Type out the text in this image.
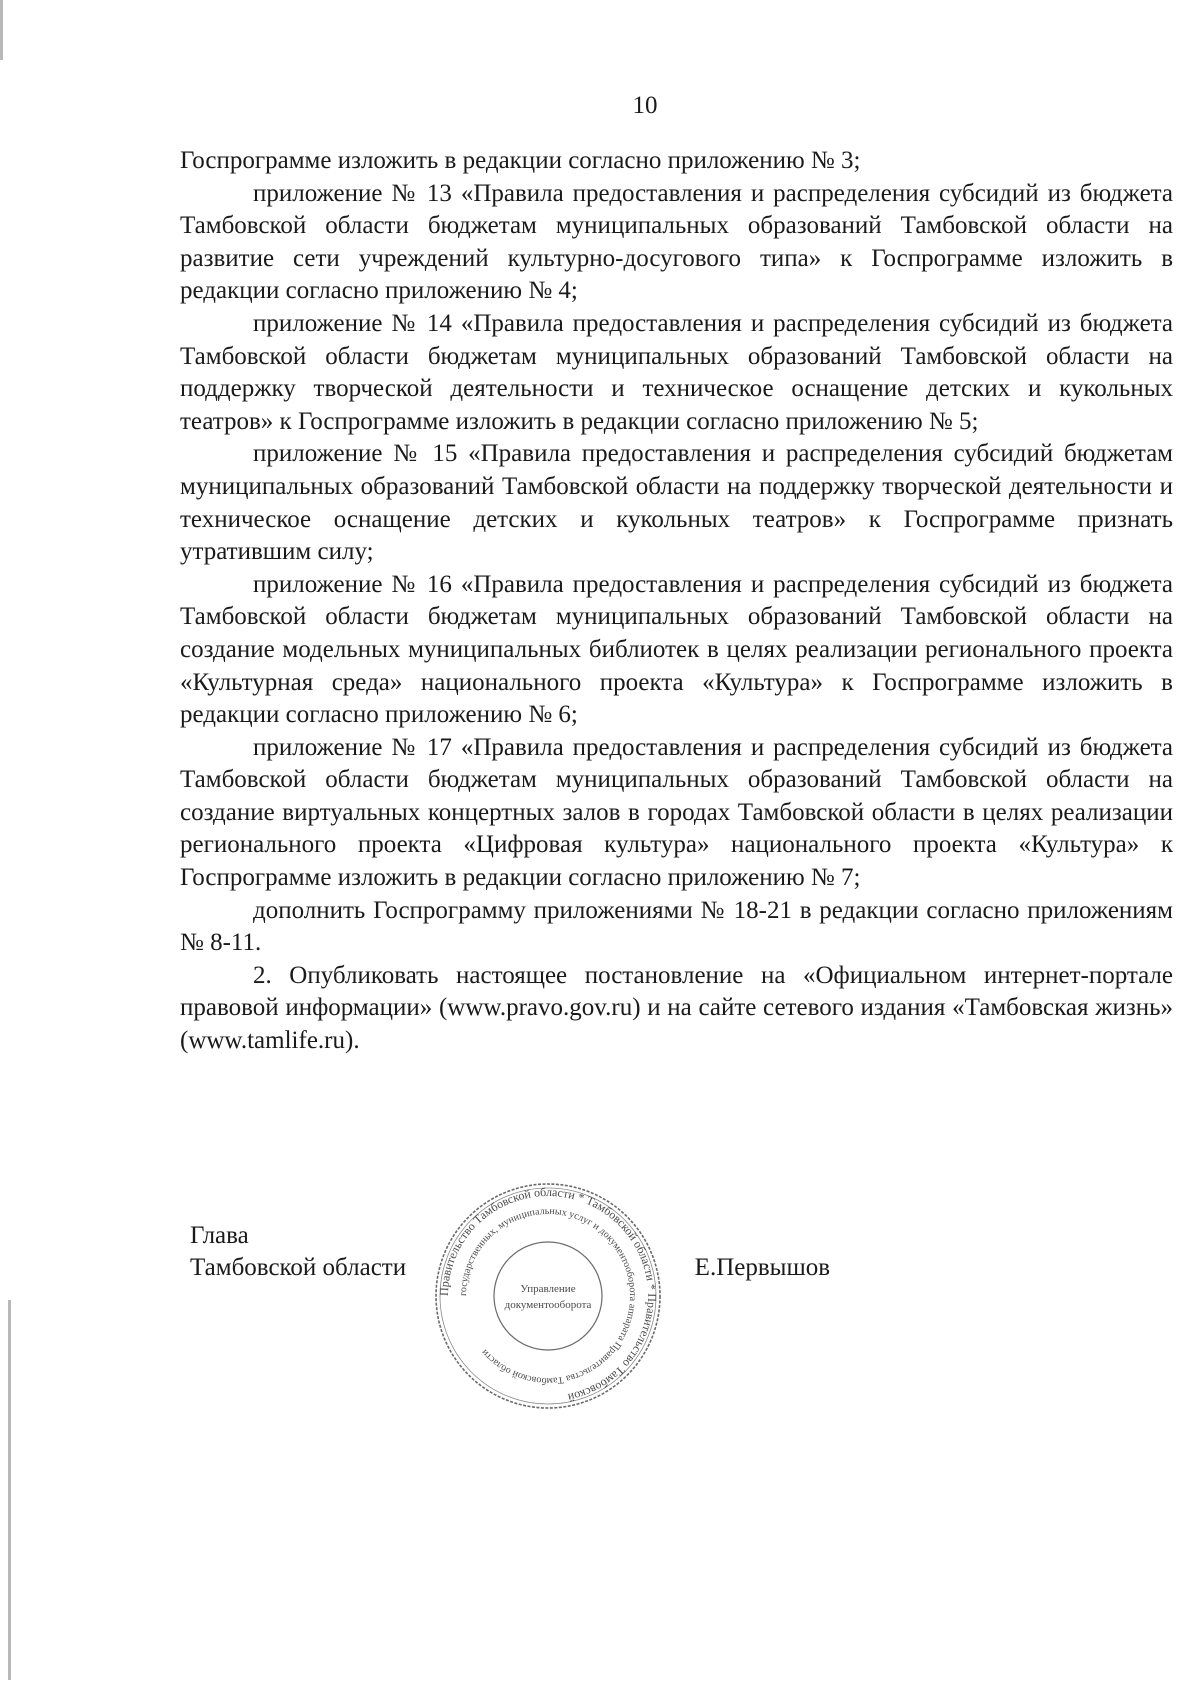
10

Госпрограмме изложить в редакции согласно приложению № 3;

приложение № 13 «Правила предоставления и распределения субсидий из бюджета Тамбовской области бюджетам муниципальных образований Тамбовской области на развитие сети учреждений культурно-досугового типа» к Госпрограмме изложить в редакции согласно приложению № 4;

приложение № 14 «Правила предоставления и распределения субсидий из бюджета Тамбовской области бюджетам муниципальных образований Тамбовской области на поддержку творческой деятельности и техническое оснащение детских и кукольных театров» к Госпрограмме изложить в редакции согласно приложению № 5;

приложение № 15 «Правила предоставления и распределения субсидий бюджетам муниципальных образований Тамбовской области на поддержку творческой деятельности и техническое оснащение детских и кукольных театров» к Госпрограмме признать утратившим силу;

приложение № 16 «Правила предоставления и распределения субсидий из бюджета Тамбовской области бюджетам муниципальных образований Тамбовской области на создание модельных муниципальных библиотек в целях реализации регионального проекта «Культурная среда» национального проекта «Культура» к Госпрограмме изложить в редакции согласно приложению № 6;

приложение № 17 «Правила предоставления и распределения субсидий из бюджета Тамбовской области бюджетам муниципальных образований Тамбовской области на создание виртуальных концертных залов в городах Тамбовской области в целях реализации регионального проекта «Цифровая культура» национального проекта «Культура» к Госпрограмме изложить в редакции согласно приложению № 7;

дополнить Госпрограмму приложениями № 18-21 в редакции согласно приложениям № 8-11.

2. Опубликовать настоящее постановление на «Официальном интернет-портале правовой информации» (www.pravo.gov.ru) и на сайте сетевого издания «Тамбовская жизнь» (www.tamlife.ru).

Глава
Тамбовской области	Е.Первышов
Правительство Тамбовской области * Тамбовской области * Правительство Тамбовской
государственных, муниципальных услуг и документооборота аппарата Правительства Тамбовской области
Управление
документооборота
